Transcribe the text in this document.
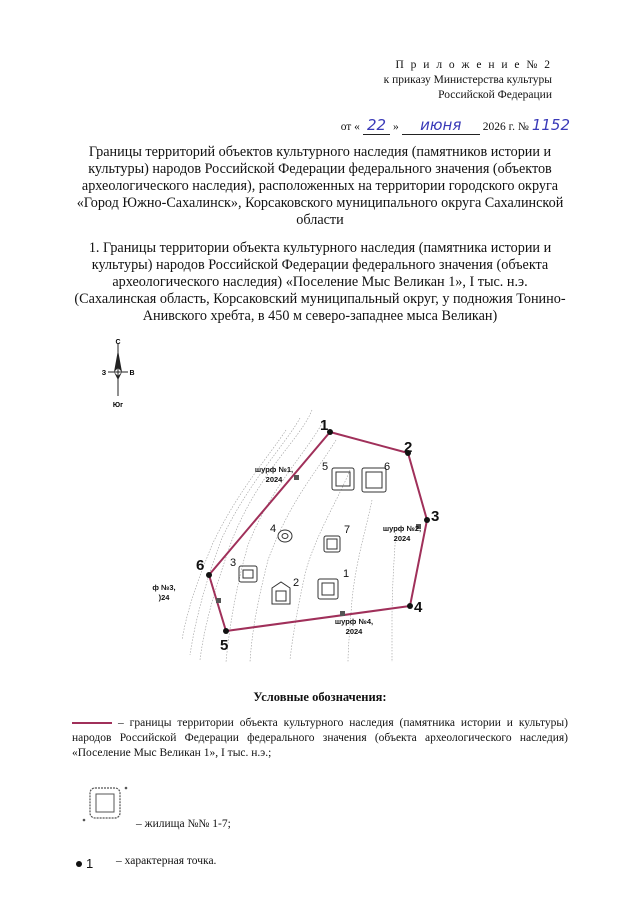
П р и л о ж е н и е № 2
к приказу Министерства культуры
Российской Федерации
от « 22 »	июня	2026 г. № 1152
Границы территорий объектов культурного наследия (памятников истории и культуры) народов Российской Федерации федерального значения (объектов археологического наследия), расположенных на территории городского округа «Город Южно-Сахалинск», Корсаковского муниципального округа Сахалинской области
1. Границы территории объекта культурного наследия (памятника истории и культуры) народов Российской Федерации федерального значения (объекта археологического наследия) «Поселение Мыс Великан 1», I тыс. н.э. (Сахалинская область, Корсаковский муниципальный округ, у подножия Тонино-Анивского хребта, в 450 м северо-западнее мыса Великан)
С
З	В
Юг
1
2
3
4
5
6
шурф №1,
2024
шурф №2,
2024
ф №3,
)24
шурф №4,
2024
1
2
3
4
5	6
7
Условные обозначения:
– границы территории объекта культурного наследия (памятника истории и культуры) народов Российской Федерации федерального значения (объекта археологического наследия) «Поселение Мыс Великан 1», I тыс. н.э.;
– жилища №№ 1-7;
1 – характерная точка.
